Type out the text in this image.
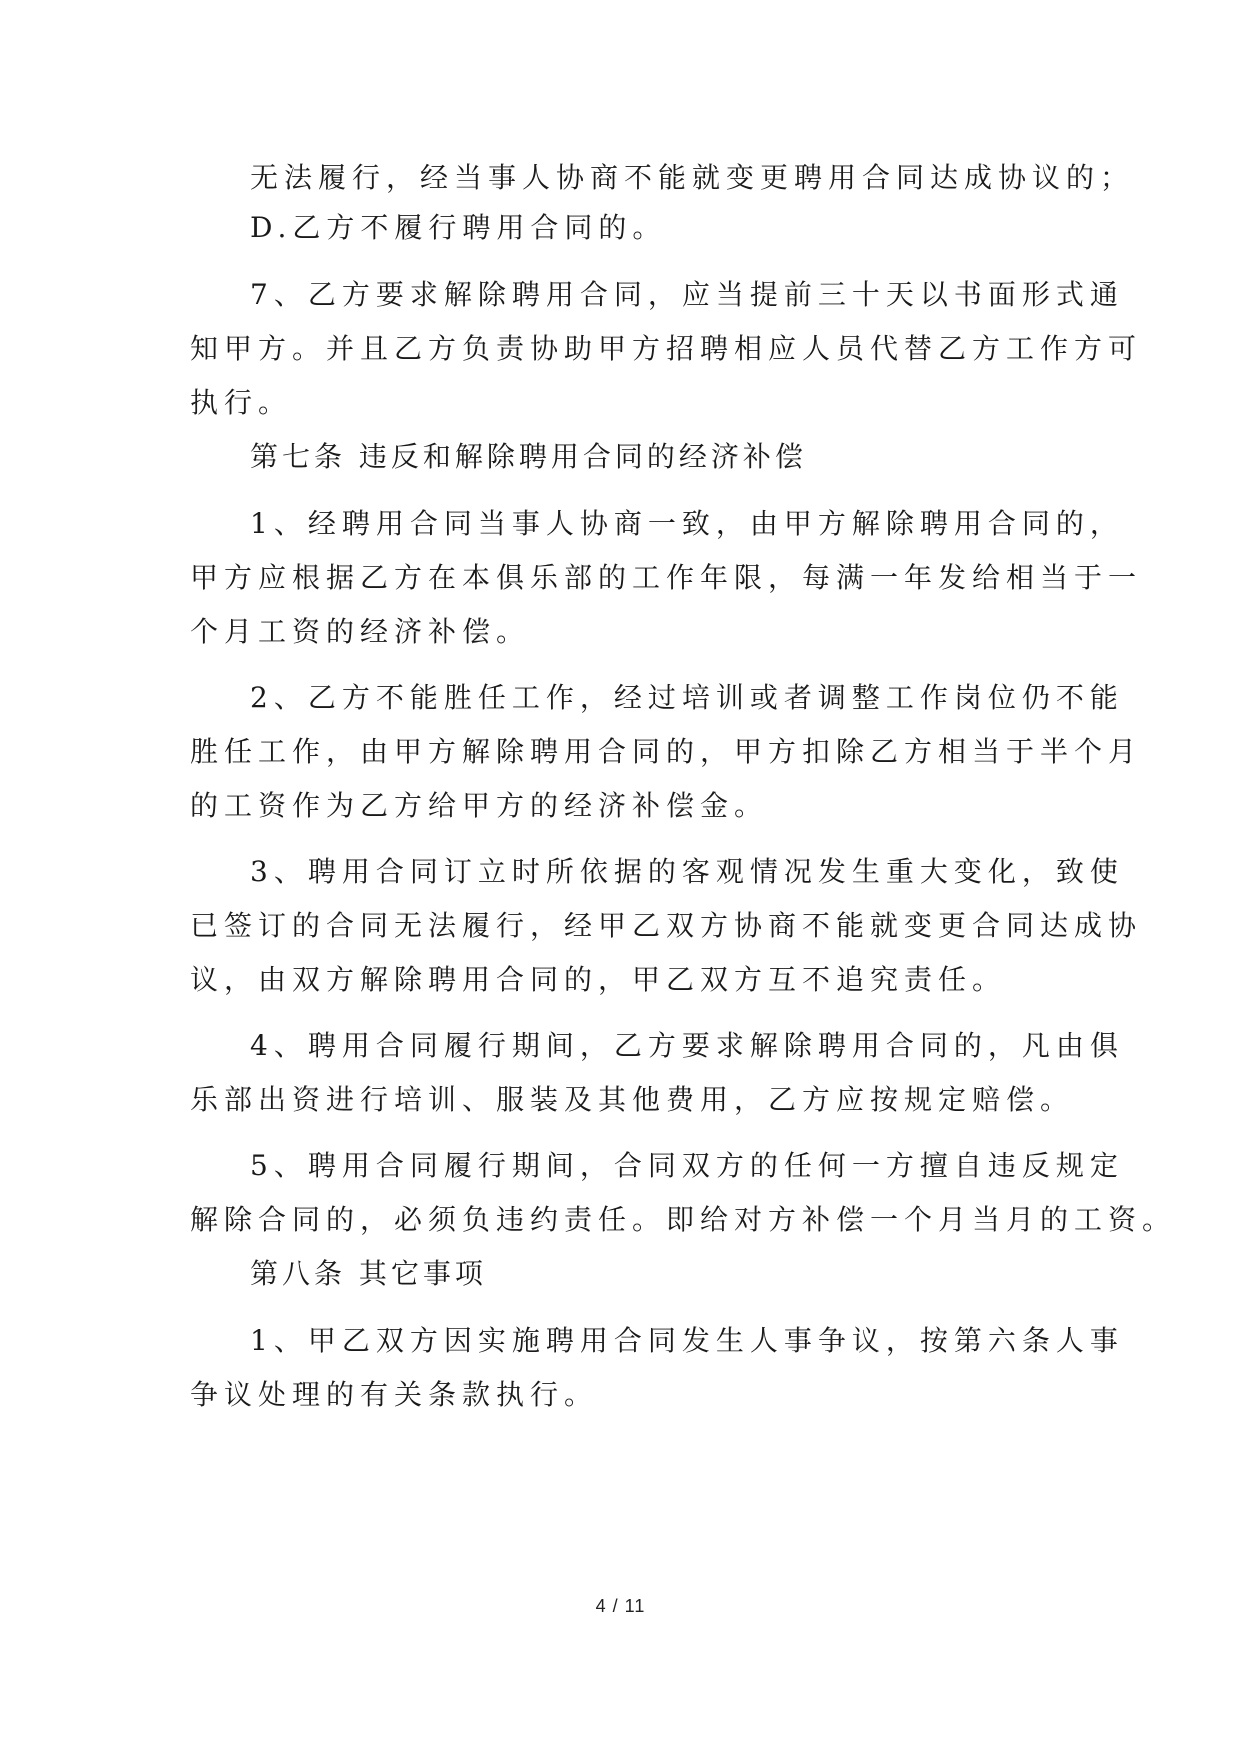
无法履行，经当事人协商不能就变更聘用合同达成协议的；
D.乙方不履行聘用合同的。
7、乙方要求解除聘用合同，应当提前三十天以书面形式通
知甲方。并且乙方负责协助甲方招聘相应人员代替乙方工作方可
执行。
第七条 违反和解除聘用合同的经济补偿
1、经聘用合同当事人协商一致，由甲方解除聘用合同的，
甲方应根据乙方在本俱乐部的工作年限，每满一年发给相当于一
个月工资的经济补偿。
2、乙方不能胜任工作，经过培训或者调整工作岗位仍不能
胜任工作，由甲方解除聘用合同的，甲方扣除乙方相当于半个月
的工资作为乙方给甲方的经济补偿金。
3、聘用合同订立时所依据的客观情况发生重大变化，致使
已签订的合同无法履行，经甲乙双方协商不能就变更合同达成协
议，由双方解除聘用合同的，甲乙双方互不追究责任。
4、聘用合同履行期间，乙方要求解除聘用合同的，凡由俱
乐部出资进行培训、服装及其他费用，乙方应按规定赔偿。
5、聘用合同履行期间，合同双方的任何一方擅自违反规定
解除合同的，必须负违约责任。即给对方补偿一个月当月的工资。
第八条 其它事项
1、甲乙双方因实施聘用合同发生人事争议，按第六条人事
争议处理的有关条款执行。
4 / 11
